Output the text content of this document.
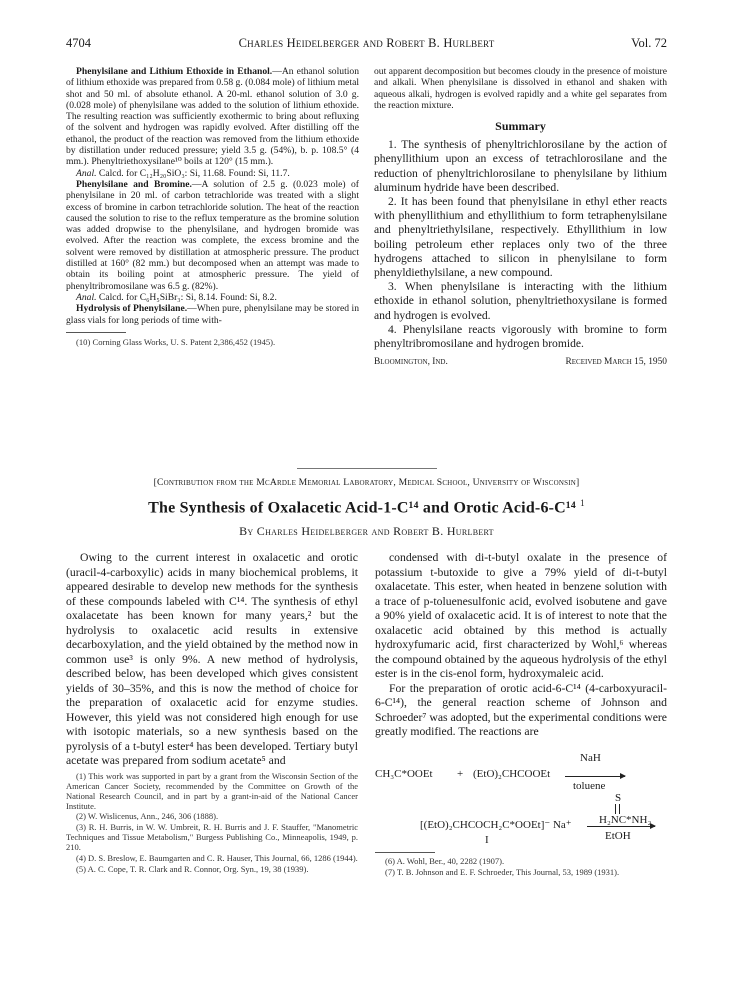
4704	Charles Heidelberger and Robert B. Hurlbert	Vol. 72

Phenylsilane and Lithium Ethoxide in Ethanol.—An ethanol solution of lithium ethoxide was prepared from 0.58 g. (0.084 mole) of lithium metal shot and 50 ml. of absolute ethanol. A 20-ml. ethanol solution of 3.0 g. (0.028 mole) of phenylsilane was added to the solution of lithium ethoxide. The resulting reaction was sufficiently exothermic to bring about refluxing of the solvent and hydrogen was rapidly evolved. After distilling off the ethanol, the product of the reaction was removed from the lithium ethoxide by distillation under reduced pressure; yield 3.5 g. (54%), b. p. 108.5° (4 mm.). Phenyltriethoxysilane¹⁰ boils at 120° (15 mm.).

Anal. Calcd. for C₁₂H₂₀SiO₃: Si, 11.68. Found: Si, 11.7.

Phenylsilane and Bromine.—A solution of 2.5 g. (0.023 mole) of phenylsilane in 20 ml. of carbon tetrachloride was treated with a slight excess of bromine in carbon tetrachloride solution. The heat of the reaction caused the solution to rise to the reflux temperature as the bromine solution was added dropwise to the phenylsilane, and hydrogen bromide was evolved. After the reaction was complete, the excess bromine and the solvent were removed by distillation at atmospheric pressure. The product distilled at 160° (82 mm.) but decomposed when an attempt was made to obtain its boiling point at atmospheric pressure. The yield of phenyltribromosilane was 6.5 g. (82%).

Anal. Calcd. for C₆H₅SiBr₃: Si, 8.14. Found: Si, 8.2.

Hydrolysis of Phenylsilane.—When pure, phenylsilane may be stored in glass vials for long periods of time with-

(10) Corning Glass Works, U. S. Patent 2,386,452 (1945).

out apparent decomposition but becomes cloudy in the presence of moisture and alkali. When phenylsilane is dissolved in ethanol and shaken with aqueous alkali, hydrogen is evolved rapidly and a white gel separates from the reaction mixture.

Summary

1. The synthesis of phenyltrichlorosilane by the action of phenyllithium upon an excess of tetrachlorosilane and the reduction of phenyltrichlorosilane to phenylsilane by lithium aluminum hydride have been described.

2. It has been found that phenylsilane in ethyl ether reacts with phenyllithium and ethyllithium to form tetraphenylsilane and phenyltriethylsilane, respectively. Ethyllithium in low boiling petroleum ether replaces only two of the three hydrogens attached to silicon in phenylsilane to form phenyldiethylsilane, a new compound.

3. When phenylsilane is interacting with the lithium ethoxide in ethanol solution, phenyltriethoxysilane is formed and hydrogen is evolved.

4. Phenylsilane reacts vigorously with bromine to form phenyltribromosilane and hydrogen bromide.

Bloomington, Ind.	Received March 15, 1950
[Contribution from the McArdle Memorial Laboratory, Medical School, University of Wisconsin]
The Synthesis of Oxalacetic Acid-1-C¹⁴ and Orotic Acid-6-C¹⁴ $^1$
By Charles Heidelberger and Robert B. Hurlbert

Owing to the current interest in oxalacetic and orotic (uracil-4-carboxylic) acids in many biochemical problems, it appeared desirable to develop new methods for the synthesis of these compounds labeled with C¹⁴. The synthesis of ethyl oxalacetate has been known for many years,² but the hydrolysis to oxalacetic acid results in extensive decarboxylation, and the yield obtained by the method now in common use³ is only 9%. A new method of hydrolysis, described below, has been developed which gives consistent yields of 30–35%, and this is now the method of choice for the preparation of oxalacetic acid for enzyme studies. However, this yield was not considered high enough for use with isotopic materials, so a new synthesis based on the pyrolysis of a t-butyl ester⁴ has been developed. Tertiary butyl acetate was prepared from sodium acetate⁵ and

(1) This work was supported in part by a grant from the Wisconsin Section of the American Cancer Society, recommended by the Committee on Growth of the National Research Council, and in part by a grant-in-aid of the National Cancer Institute.

(2) W. Wislicenus, Ann., 246, 306 (1888).

(3) R. H. Burris, in W. W. Umbreit, R. H. Burris and J. F. Stauffer, "Manometric Techniques and Tissue Metabolism," Burgess Publishing Co., Minneapolis, 1949, p. 210.

(4) D. S. Breslow, E. Baumgarten and C. R. Hauser, This Journal, 66, 1286 (1944).

(5) A. C. Cope, T. R. Clark and R. Connor, Org. Syn., 19, 38 (1939).

condensed with di-t-butyl oxalate in the presence of potassium t-butoxide to give a 79% yield of di-t-butyl oxalacetate. This ester, when heated in benzene solution with a trace of p-toluenesulfonic acid, evolved isobutene and gave a 90% yield of oxalacetic acid. It is of interest to note that the oxalacetic acid obtained by this method is actually hydroxyfumaric acid, first characterized by Wohl,⁶ whereas the compound obtained by the aqueous hydrolysis of the ethyl ester is in the cis-enol form, hydroxymaleic acid.

For the preparation of orotic acid-6-C¹⁴ (4-carboxyuracil-6-C¹⁴), the general reaction scheme of Johnson and Schroeder⁷ was adopted, but the experimental conditions were greatly modified. The reactions are

CH₃C*OOEt + (EtO)₂CHCOOEt
NaH
toluene
S
[(EtO)₂CHCOCH₂C*OOEt]⁻ Na⁺ H₂NC*NH₂
EtOH
I

(6) A. Wohl, Ber., 40, 2282 (1907).

(7) T. B. Johnson and E. F. Schroeder, This Journal, 53, 1989 (1931).
